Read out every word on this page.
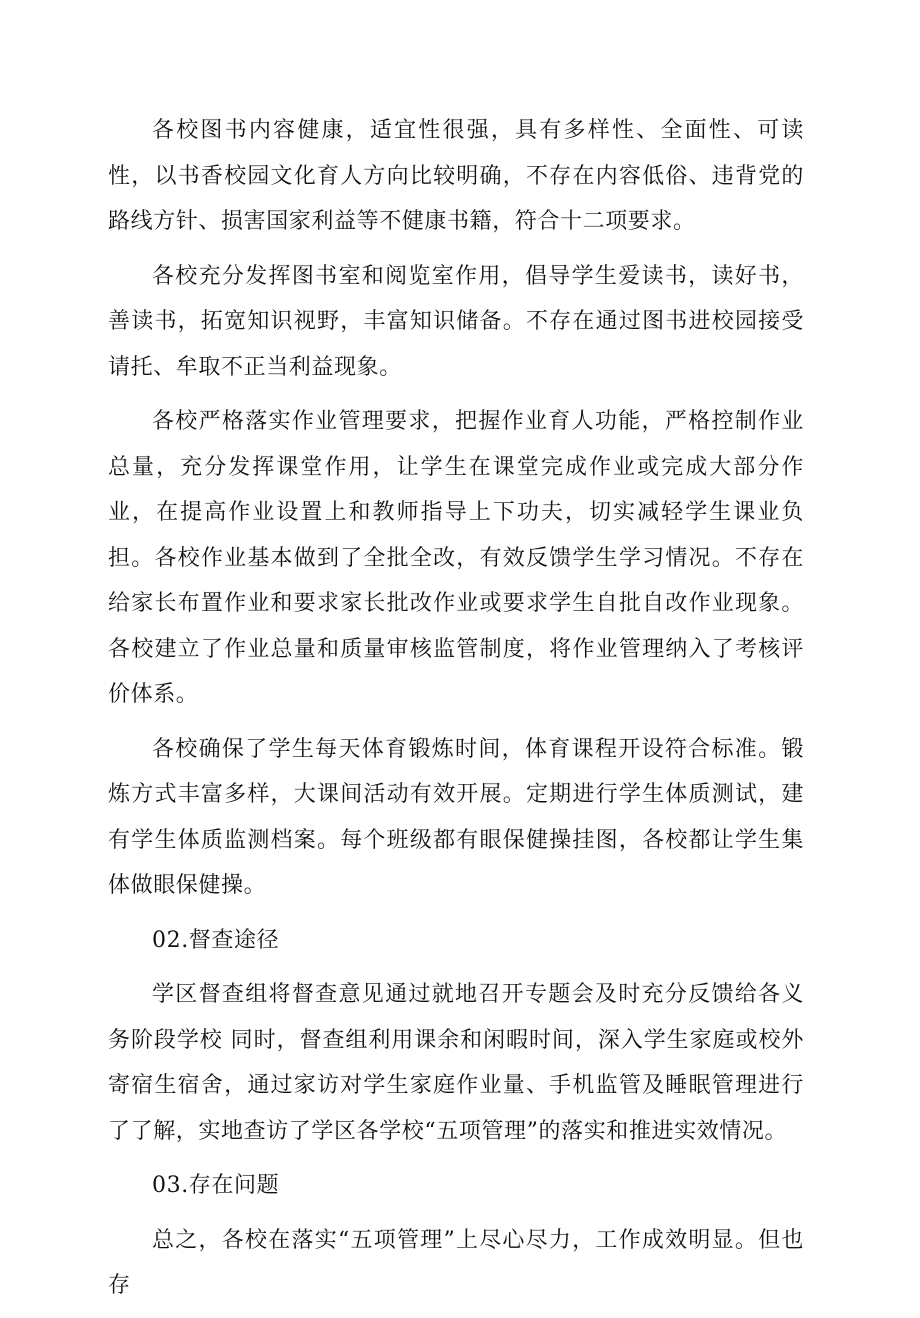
各校图书内容健康，适宜性很强，具有多样性、全面性、可读性，以书香校园文化育人方向比较明确，不存在内容低俗、违背党的路线方针、损害国家利益等不健康书籍，符合十二项要求。

各校充分发挥图书室和阅览室作用，倡导学生爱读书，读好书，善读书，拓宽知识视野，丰富知识储备。不存在通过图书进校园接受请托、牟取不正当利益现象。

各校严格落实作业管理要求，把握作业育人功能，严格控制作业总量，充分发挥课堂作用，让学生在课堂完成作业或完成大部分作业，在提高作业设置上和教师指导上下功夫，切实减轻学生课业负担。各校作业基本做到了全批全改，有效反馈学生学习情况。不存在给家长布置作业和要求家长批改作业或要求学生自批自改作业现象。各校建立了作业总量和质量审核监管制度，将作业管理纳入了考核评价体系。

各校确保了学生每天体育锻炼时间，体育课程开设符合标准。锻炼方式丰富多样，大课间活动有效开展。定期进行学生体质测试，建有学生体质监测档案。每个班级都有眼保健操挂图，各校都让学生集体做眼保健操。

02.督查途径

学区督查组将督查意见通过就地召开专题会及时充分反馈给各义务阶段学校 同时，督查组利用课余和闲暇时间，深入学生家庭或校外寄宿生宿舍，通过家访对学生家庭作业量、手机监管及睡眠管理进行了了解，实地查访了学区各学校“五项管理”的落实和推进实效情况。

03.存在问题

总之，各校在落实“五项管理”上尽心尽力，工作成效明显。但也存
